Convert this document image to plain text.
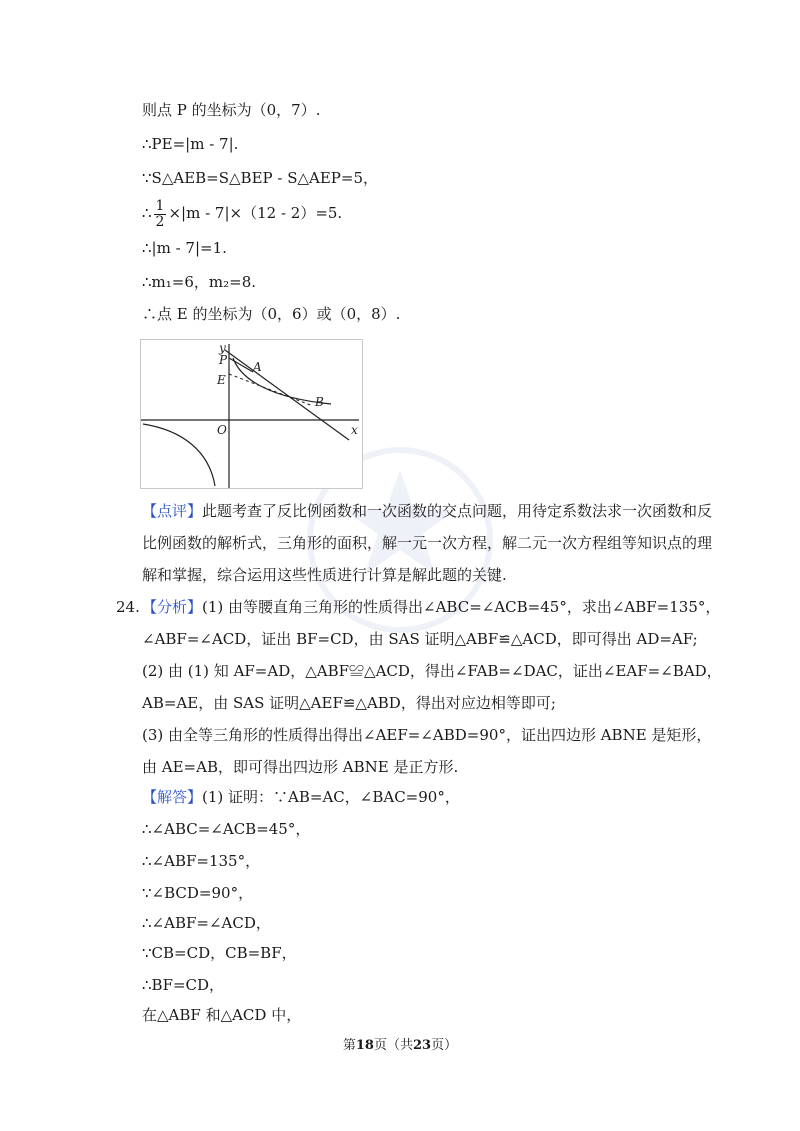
则点 P 的坐标为（0，7）.
∴PE=|m - 7|.
∵S△AEB=S△BEP - S△AEP=5，
∴ $\frac{1}{2} \times|m - 7|\times(12 - 2)=5$.
∴|m - 7|=1.
∴m₁=6，m₂=8.
∴点 E 的坐标为（0，6）或（0，8）.
y
P
E
A
B
O	x
【点评】此题考查了反比例函数和一次函数的交点问题，用待定系数法求一次函数和反
比例函数的解析式，三角形的面积，解一元一次方程，解二元一次方程组等知识点的理
解和掌握，综合运用这些性质进行计算是解此题的关键.
24. 【分析】(1) 由等腰直角三角形的性质得出∠ABC=∠ACB=45°，求出∠ABF=135°，
∠ABF=∠ACD，证出 BF=CD，由 SAS 证明△ABF≌△ACD，即可得出 AD=AF;
(2) 由 (1) 知 AF=AD，△ABF≌△ACD，得出∠FAB=∠DAC，证出∠EAF=∠BAD，
AB=AE，由 SAS 证明△AEF≌△ABD，得出对应边相等即可;
(3) 由全等三角形的性质得出得出∠AEF=∠ABD=90°，证出四边形 ABNE 是矩形，
由 AE=AB，即可得出四边形 ABNE 是正方形.
【解答】(1) 证明：∵AB=AC，∠BAC=90°，
∴∠ABC=∠ACB=45°，
∴∠ABF=135°，
∵∠BCD=90°，
∴∠ABF=∠ACD，
∵CB=CD，CB=BF，
∴BF=CD，
在△ABF 和△ACD 中，
第18页（共23页）
